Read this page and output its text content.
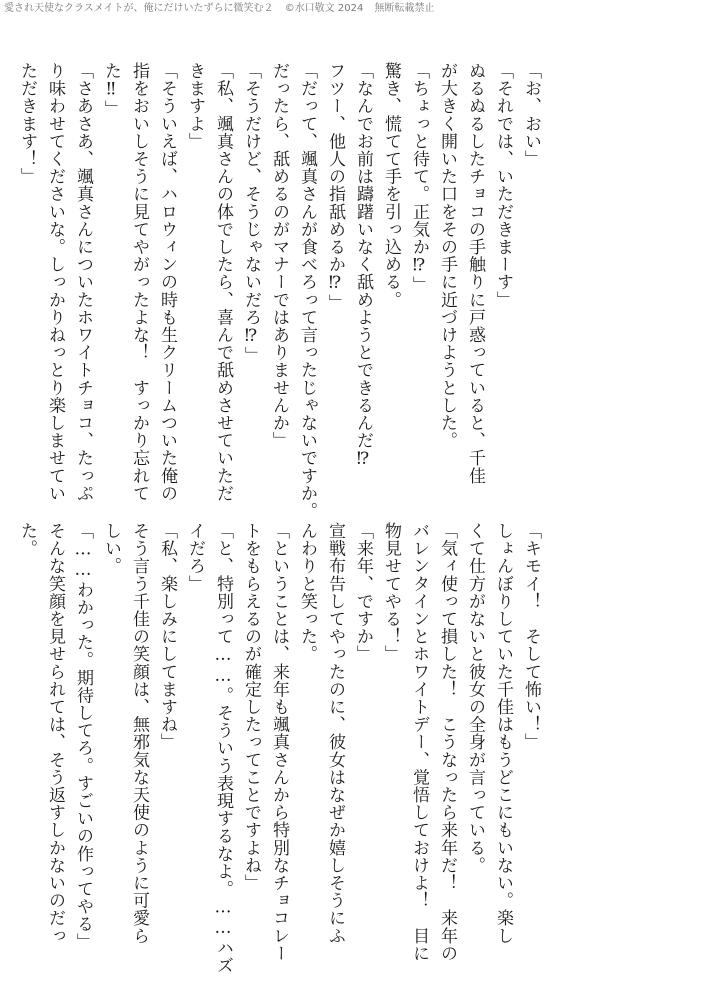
愛され天使なクラスメイトが、俺にだけいたずらに微笑む２ ©水口敬文 2024 無断転載禁止
「お、おい」
「それでは、いただきまーす」
ぬるぬるしたチョコの手触りに戸惑っていると、千佳
が大きく開いた口をその手に近づけようとした。
「ちょっと待て。正気か⁉」
驚き、慌てて手を引っ込める。
「なんでお前は躊躇いなく舐めようとできるんだ⁉
フツー、他人の指舐めるか⁉」
「だって、颯真さんが食べろって言ったじゃないですか。
だったら、舐めるのがマナーではありませんか」
「そうだけど、そうじゃないだろ⁉」
「私、颯真さんの体でしたら、喜んで舐めさせていただ
きますよ」
「そういえば、ハロウィンの時も生クリームついた俺の
指をおいしそうに見てやがったよな！　すっかり忘れて
た‼」
「さあさあ、颯真さんについたホワイトチョコ、たっぷ
り味わせてくださいな。しっかりねっとり楽しませてい
ただきます！」
「キモイ！　そして怖い！」
しょんぼりしていた千佳はもうどこにもいない。楽し
くて仕方がないと彼女の全身が言っている。
「気ィ使って損した！　こうなったら来年だ！　来年の
バレンタインとホワイトデー、覚悟しておけよ！　目に
物見せてやる！」
「来年、ですか」
宣戦布告してやったのに、彼女はなぜか嬉しそうにふ
んわりと笑った。
「ということは、来年も颯真さんから特別なチョコレー
トをもらえるのが確定したってことですよね」
「と、特別って……。そういう表現するなよ。……ハズ
イだろ」
「私、楽しみにしてますね」
そう言う千佳の笑顔は、無邪気な天使のように可愛ら
しい。
「……わかった。期待してろ。すごいの作ってやる」
そんな笑顔を見せられては、そう返すしかないのだっ
た。
